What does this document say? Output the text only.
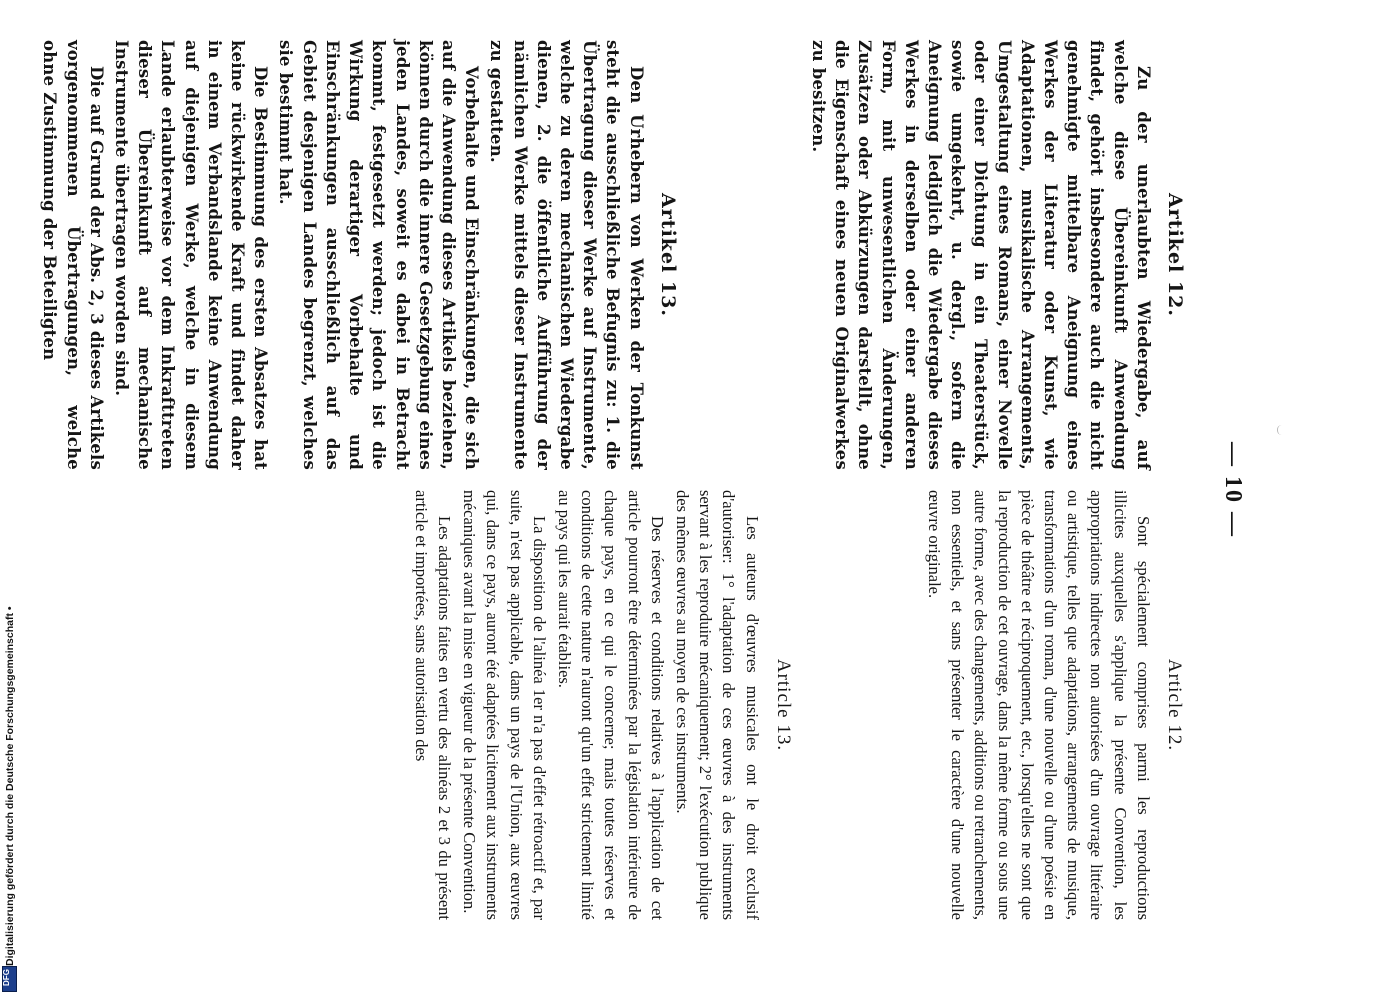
— 10 —
Article 12.

Sont spécialement comprises parmi les reproductions illicites auxquelles s'applique la présente Convention, les appropriations indirectes non autorisées d'un ouvrage littéraire ou artistique, telles que adaptations, arrangements de musique, transformations d'un roman, d'une nouvelle ou d'une poésie en pièce de théâtre et réciproquement, etc., lorsqu'elles ne sont que la reproduction de cet ouvrage, dans la même forme ou sous une autre forme, avec des changements, additions ou retranchements, non essentiels, et sans présenter le caractère d'une nouvelle œuvre originale.

Article 13.

Les auteurs d'œuvres musicales ont le droit exclusif d'autoriser: 1° l'adaptation de ces œuvres à des instruments servant à les reproduire mécaniquement; 2° l'exécution publique des mêmes œuvres au moyen de ces instruments.

Des réserves et conditions relatives à l'application de cet article pourront être déterminées par la législation intérieure de chaque pays, en ce qui le concerne; mais toutes réserves et conditions de cette nature n'auront qu'un effet strictement limité au pays qui les aurait établies.

La disposition de l'alinéa 1er n'a pas d'effet rétroactif et, par suite, n'est pas applicable, dans un pays de l'Union, aux œuvres qui, dans ce pays, auront été adaptées licitement aux instruments mécaniques avant la mise en vigueur de la présente Convention.

Les adaptations faites en vertu des alinéas 2 et 3 du présent article et importées, sans autorisation des

Artikel 12.

Zu der unerlaubten Wiedergabe, auf welche diese Übereinkunft Anwendung findet, gehört insbesondere auch die nicht genehmigte mittelbare Aneignung eines Werkes der Literatur oder Kunst, wie Adaptationen, musikalische Arrangements, Umgestaltung eines Romans, einer Novelle oder einer Dichtung in ein Theaterstück, sowie umgekehrt, u. dergl., sofern die Aneignung lediglich die Wiedergabe dieses Werkes in derselben oder einer anderen Form, mit unwesentlichen Änderungen, Zusätzen oder Abkürzungen darstellt, ohne die Eigenschaft eines neuen Originalwerkes zu besitzen.

Artikel 13.

Den Urhebern von Werken der Tonkunst steht die ausschließliche Befugnis zu: 1. die Übertragung dieser Werke auf Instrumente, welche zu deren mechanischen Wiedergabe dienen, 2. die öffentliche Aufführung der nämlichen Werke mittels dieser Instrumente zu gestatten.

Vorbehalte und Einschränkungen, die sich auf die Anwendung dieses Artikels beziehen, können durch die innere Gesetzgebung eines jeden Landes, soweit es dabei in Betracht kommt, festgesetzt werden; jedoch ist die Wirkung derartiger Vorbehalte und Einschränkungen ausschließlich auf das Gebiet desjenigen Landes begrenzt, welches sie bestimmt hat.

Die Bestimmung des ersten Absatzes hat keine rückwirkende Kraft und findet daher in einem Verbandslande keine Anwendung auf diejenigen Werke, welche in diesem Lande erlaubterweise vor dem Inkrafttreten dieser Übereinkunft auf mechanische Instrumente übertragen worden sind.

Die auf Grund der Abs. 2, 3 dieses Artikels vorgenommenen Übertragungen, welche ohne Zustimmung der Beteiligten

Digitalisierung gefördert durch die Deutsche Forschungsgemeinschaft •
DFG
